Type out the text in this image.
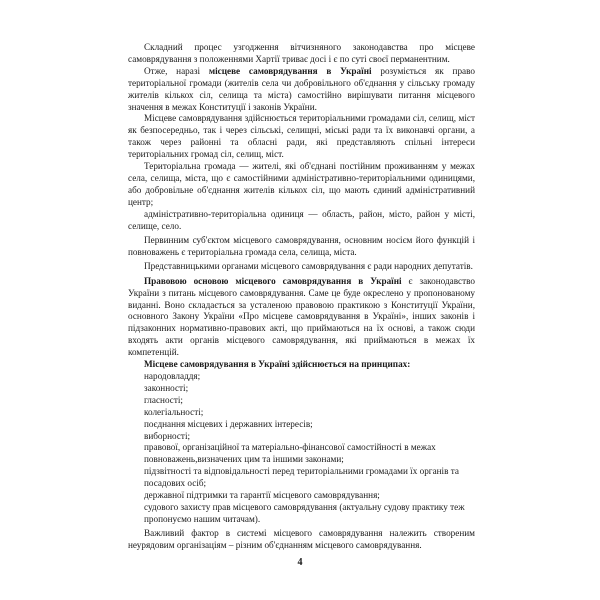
Складний процес узгодження вітчизняного законодавства про місцеве самоврядування з положеннями Хартії триває досі і є по суті своєї перманентним.

Отже, наразі місцеве самоврядування в Україні розуміється як право територіальної громади (жителів села чи добровільного об'єднання у сільську громаду жителів кількох сіл, селища та міста) самостійно вирішувати питання місцевого значення в межах Конституції і законів України.

Місцеве самоврядування здійснюється територіальними громадами сіл, селищ, міст як безпосередньо, так і через сільські, селищні, міські ради та їх виконавчі органи, а також через районні та обласні ради, які представляють спільні інтереси територіальних громад сіл, селищ, міст.

Територіальна громада — жителі, які об'єднані постійним проживанням у межах села, селища, міста, що є самостійними адміністративно-територіальними одиницями, або добровільне об'єднання жителів кількох сіл, що мають єдиний адміністративний центр;

адміністративно-територіальна одиниця — область, район, місто, район у місті, селище, село.

Первинним суб'єктом місцевого самоврядування, основним носієм його функцій і повноважень є територіальна громада села, селища, міста.

Представницькими органами місцевого самоврядування є ради народних депутатів.

Правовою основою місцевого самоврядування в Україні є законодавство України з питань місцевого самоврядування. Саме це буде окреслено у пропонованому виданні. Воно складається за усталеною правовою практикою з Конституції України, основного Закону України «Про місцеве самоврядування в Україні», інших законів і підзаконних нормативно-правових акті, що приймаються на їх основі, а також сюди входять акти органів місцевого самоврядування, які приймаються в межах їх компетенцій.

Місцеве самоврядування в Україні здійснюється на принципах:

народовладдя;

законності;

гласності;

колегіальності;

поєднання місцевих і державних інтересів;

виборності;

правової, організаційної та матеріально-фінансової самостійності в межах повноважень,визначених цим та іншими законами;

підзвітності та відповідальності перед територіальними громадами їх органів та посадових осіб;

державної підтримки та гарантії місцевого самоврядування;

судового захисту прав місцевого самоврядування (актуальну судову практику теж пропонуємо нашим читачам).

Важливий фактор в системі місцевого самоврядування належить створеним неурядовим організаціям – різним об'єднанням місцевого самоврядування.

4
